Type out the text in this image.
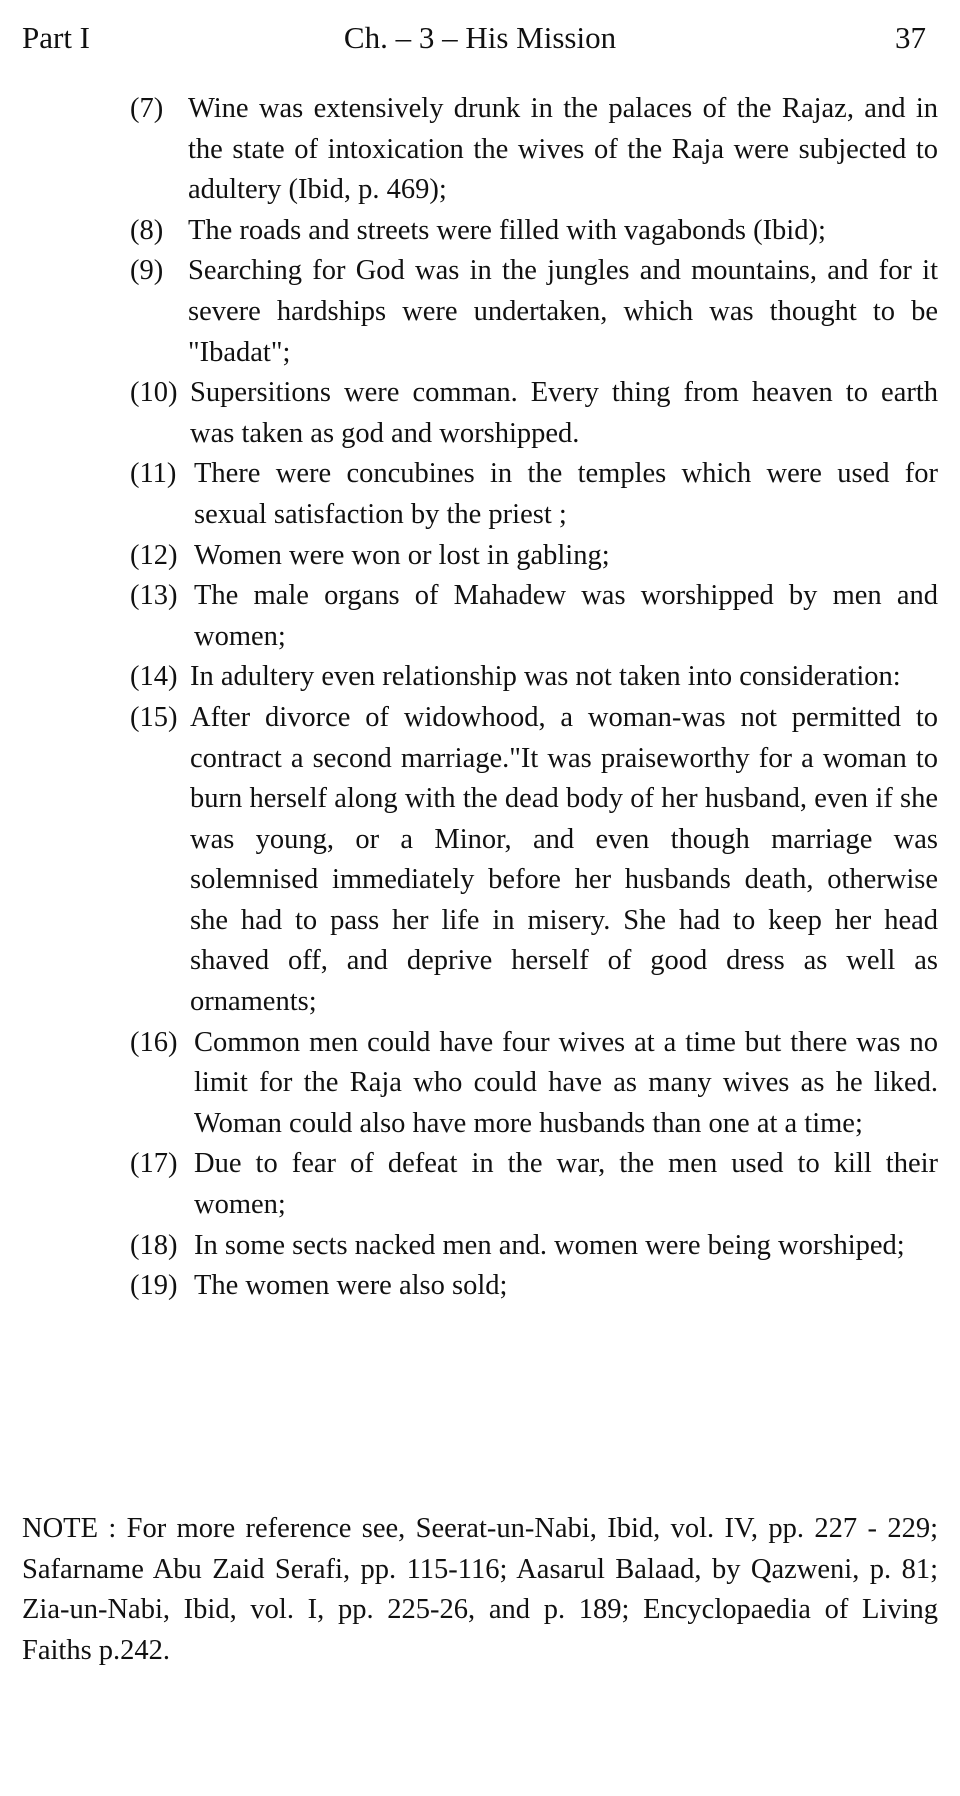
Part I	Ch. – 3 – His Mission	37
(7) Wine was extensively drunk in the palaces of the Rajaz, and in the state of intoxication the wives of the Raja were subjected to adultery (Ibid, p. 469);
(8) The roads and streets were filled with vagabonds (Ibid);
(9) Searching for God was in the jungles and mountains, and for it severe hardships were undertaken, which was thought to be "Ibadat";
(10) Supersitions were comman. Every thing from heaven to earth was taken as god and worshipped.
(11) There were concubines in the temples which were used for sexual satisfaction by the priest ;
(12) Women were won or lost in gabling;
(13) The male organs of Mahadew was worshipped by men and women;
(14) In adultery even relationship was not taken into consideration:
(15) After divorce of widowhood, a woman-was not permitted to contract a second marriage."It was praiseworthy for a woman to burn herself along with the dead body of her husband, even if she was young, or a Minor, and even though marriage was solemnised immediately before her husbands death, otherwise she had to pass her life in misery. She had to keep her head shaved off, and deprive herself of good dress as well as ornaments;
(16) Common men could have four wives at a time but there was no limit for the Raja who could have as many wives as he liked. Woman could also have more husbands than one at a time;
(17) Due to fear of defeat in the war, the men used to kill their women;
(18) In some sects nacked men and. women were being worshiped;
(19) The women were also sold;
NOTE : For more reference see, Seerat-un-Nabi, Ibid, vol. IV, pp. 227 - 229; Safarname Abu Zaid Serafi, pp. 115-116; Aasarul Balaad, by Qazweni, p. 81; Zia-un-Nabi, Ibid, vol. I, pp. 225-26, and p. 189; Encyclopaedia of Living Faiths p.242.
